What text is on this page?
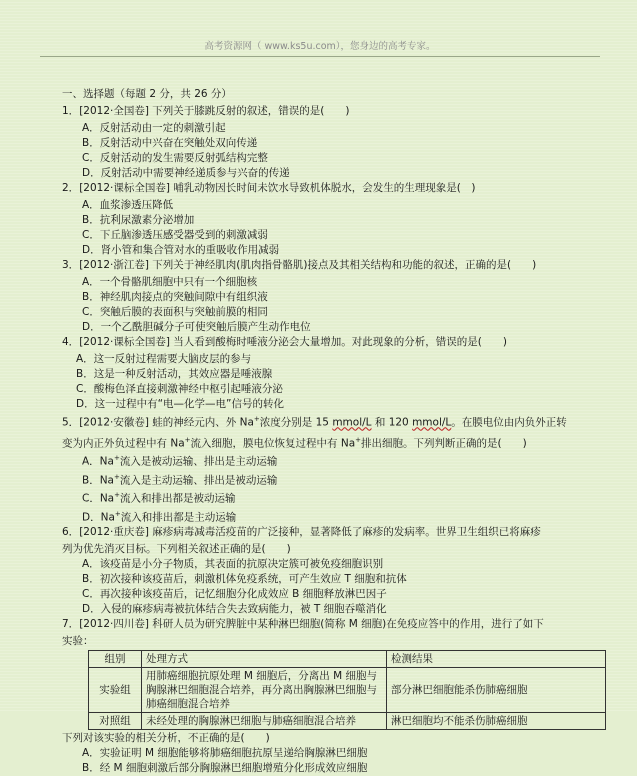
高考资源网（ www.ks5u.com），您身边的高考专家。
一、选择题（每题 2 分，共 26 分）
1．[2012·全国卷] 下列关于膝跳反射的叙述，错误的是(　　)
A．反射活动由一定的刺激引起
B．反射活动中兴奋在突触处双向传递
C．反射活动的发生需要反射弧结构完整
D．反射活动中需要神经递质参与兴奋的传递
2．[2012·课标全国卷] 哺乳动物因长时间未饮水导致机体脱水，会发生的生理现象是(　)
A．血浆渗透压降低
B．抗利尿激素分泌增加
C．下丘脑渗透压感受器受到的刺激减弱
D．肾小管和集合管对水的重吸收作用减弱
3．[2012·浙江卷] 下列关于神经肌肉(肌肉指骨骼肌)接点及其相关结构和功能的叙述，正确的是(　　)
A．一个骨骼肌细胞中只有一个细胞核
B．神经肌肉接点的突触间隙中有组织液
C．突触后膜的表面积与突触前膜的相同
D．一个乙酰胆碱分子可使突触后膜产生动作电位
4．[2012·课标全国卷] 当人看到酸梅时唾液分泌会大量增加。对此现象的分析，错误的是(　　)
A．这一反射过程需要大脑皮层的参与
B．这是一种反射活动，其效应器是唾液腺
C．酸梅色泽直接刺激神经中枢引起唾液分泌
D．这一过程中有“电—化学—电”信号的转化
5．[2012·安徽卷] 蛙的神经元内、外 Na+浓度分别是 15 mmol/L 和 120 mmol/L。在膜电位由内负外正转
变为内正外负过程中有 Na+流入细胞，膜电位恢复过程中有 Na+排出细胞。下列判断正确的是(　　)
A．Na+流入是被动运输、排出是主动运输
B．Na+流入是主动运输、排出是被动运输
C．Na+流入和排出都是被动运输
D．Na+流入和排出都是主动运输
6．[2012·重庆卷] 麻疹病毒减毒活疫苗的广泛接种，显著降低了麻疹的发病率。世界卫生组织已将麻疹
列为优先消灭目标。下列相关叙述正确的是(　　)
A．该疫苗是小分子物质，其表面的抗原决定簇可被免疫细胞识别
B．初次接种该疫苗后，刺激机体免疫系统，可产生效应 T 细胞和抗体
C．再次接种该疫苗后，记忆细胞分化成效应 B 细胞释放淋巴因子
D．入侵的麻疹病毒被抗体结合失去致病能力，被 T 细胞吞噬消化
7．[2012·四川卷] 科研人员为研究脾脏中某种淋巴细胞(简称 M 细胞)在免疫应答中的作用，进行了如下
实验：
组别	处理方式	检测结果
实验组	用肺癌细胞抗原处理 M 细胞后，分离出 M 细胞与胸腺淋巴细胞混合培养，再分离出胸腺淋巴细胞与肺癌细胞混合培养	部分淋巴细胞能杀伤肺癌细胞
对照组	未经处理的胸腺淋巴细胞与肺癌细胞混合培养	淋巴细胞均不能杀伤肺癌细胞
下列对该实验的相关分析，不正确的是(　　)
A．实验证明 M 细胞能够将肺癌细胞抗原呈递给胸腺淋巴细胞
B．经 M 细胞刺激后部分胸腺淋巴细胞增殖分化形成效应细胞
